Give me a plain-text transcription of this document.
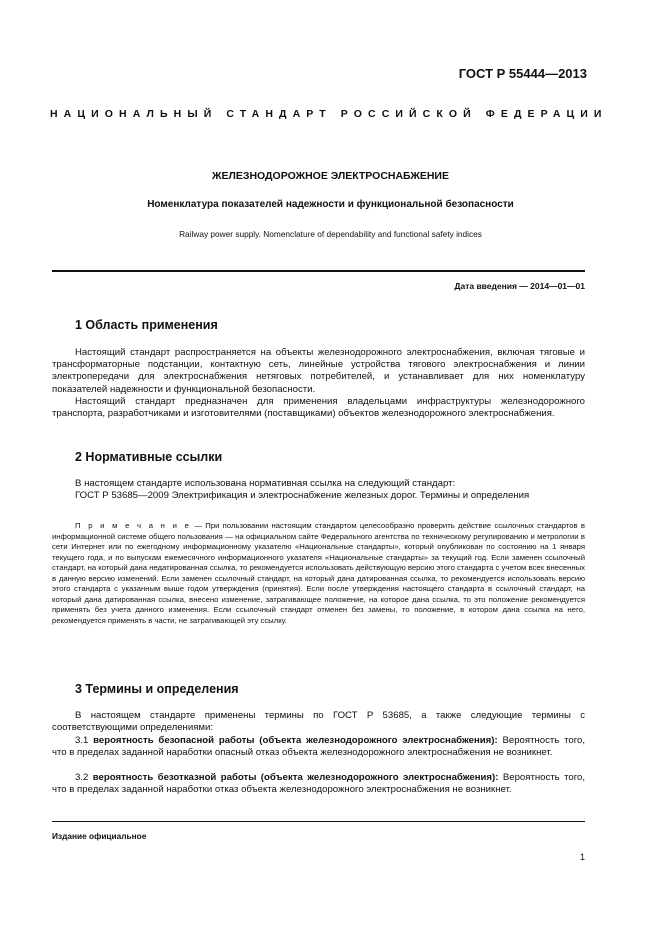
ГОСТ Р 55444—2013
НАЦИОНАЛЬНЫЙ СТАНДАРТ РОССИЙСКОЙ ФЕДЕРАЦИИ
ЖЕЛЕЗНОДОРОЖНОЕ ЭЛЕКТРОСНАБЖЕНИЕ
Номенклатура показателей надежности и функциональной безопасности
Railway power supply. Nomenclature of dependability and functional safety indices
Дата введения — 2014—01—01
1 Область применения

Настоящий стандарт распространяется на объекты железнодорожного электроснабжения, включая тяговые и трансформаторные подстанции, контактную сеть, линейные устройства тягового электроснабжения и линии электропередачи для электроснабжения нетяговых потребителей, и устанавливает для них номенклатуру показателей надежности и функциональной безопасности.

Настоящий стандарт предназначен для применения владельцами инфраструктуры железнодорожного транспорта, разработчиками и изготовителями (поставщиками) объектов железнодорожного электроснабжения.

2 Нормативные ссылки

В настоящем стандарте использована нормативная ссылка на следующий стандарт:

ГОСТ Р 53685—2009 Электрификация и электроснабжение железных дорог. Термины и определения

П р и м е ч а н и е — При пользовании настоящим стандартом целесообразно проверить действие ссылочных стандартов в информационной системе общего пользования — на официальном сайте Федерального агентства по техническому регулированию и метрологии в сети Интернет или по ежегодному информационному указателю «Национальные стандарты», который опубликован по состоянию на 1 января текущего года, и по выпускам ежемесячного информационного указателя «Национальные стандарты» за текущий год. Если заменен ссылочный стандарт, на который дана недатированная ссылка, то рекомендуется использовать действующую версию этого стандарта с учетом всех внесенных в данную версию изменений. Если заменен ссылочный стандарт, на который дана датированная ссылка, то рекомендуется использовать версию этого стандарта с указанным выше годом утверждения (принятия). Если после утверждения настоящего стандарта в ссылочный стандарт, на который дана датированная ссылка, внесено изменение, затрагивающее положение, на которое дана ссылка, то это положение рекомендуется применять без учета данного изменения. Если ссылочный стандарт отменен без замены, то положение, в котором дана ссылка на него, рекомендуется применять в части, не затрагивающей эту ссылку.

3 Термины и определения

В настоящем стандарте применены термины по ГОСТ Р 53685, а также следующие термины с соответствующими определениями:

3.1 вероятность безопасной работы (объекта железнодорожного электроснабжения): Вероятность того, что в пределах заданной наработки опасный отказ объекта железнодорожного электроснабжения не возникнет.

3.2 вероятность безотказной работы (объекта железнодорожного электроснабжения): Вероятность того, что в пределах заданной наработки отказ объекта железнодорожного электроснабжения не возникнет.

Издание официальное
1
